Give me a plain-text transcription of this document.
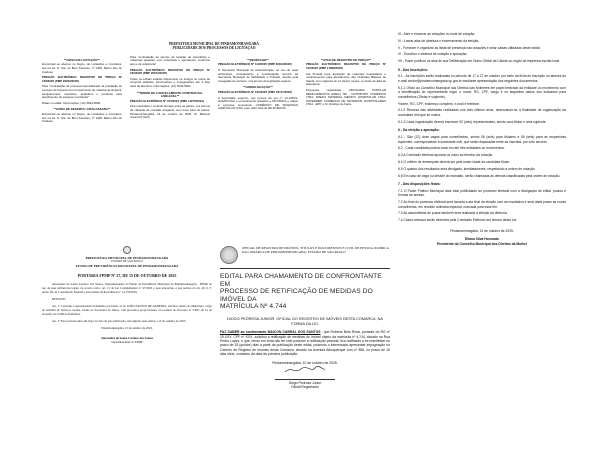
PREFEITURA MUNICIPAL DE PINDAMONHANGABA
PUBLICIDADE DOS PROCESSOS DE LICITAÇÃO
**AVISO DE LICITAÇÃO**

Encontram-se abertos no Depto. de Licitações e Contratos, sito na Av. N. Sra. do Bom Sucesso, nº 1400, Bairro Alto do Cardoso:

PREGÃO ELETRÔNICO REGISTRO DE PREÇO Nº 128/2025 (PMP 22223/2025)

Para "contratação de empresa especializada na prestação de serviços de limpeza com fornecimento de material de limpeza, equipamentos, utensílios, aparelhos e produtos para atendimento de espaços municipais".

Datas no edital. Informações: (12) 3644-5600.

**AVISO DE DESERTA / FRACASSADA**

Encontram-se abertos no Depto. de Licitações e Contratos, sito na Av. N. Sra. do Bom Sucesso, nº 1400, Bairro Alto do Cardoso.

Para "contratação de serviço de locação de caminhões e máquinas pesadas, com motoristas e operadores, conforme termo de referência".

PREGÃO ELETRÔNICO REGISTRO DE PREÇO Nº 160/2025 (PMP 20073/2025)

Todos os editais estarão disponíveis na íntegra no portal de compras públicas. Informações e impugnações até 3 dias úteis da abertura. Informações: (12) 3644-5600.

**TERMO DE CANCELAMENTO CONTRATUAL AMIGÁVEL**

PREGÃO ELETRÔNICO Nº 073/2024 (PMP 11270/2024)

Fica rescindido o contrato firmado entre as partes, nos termos da cláusula de rescisão amigável, sem ônus para as partes. Pindamonhangaba, 14 de outubro de 2025. Sr. Marcelo Jovannini Viotti.

**DESPACHO**

PREGÃO ELETRÔNICO Nº 113/2025 (PMP 20043/2025)

O Secretário Municipal de Administração, no uso de suas atribuições, considerando a manifestação técnica da Secretaria Municipal de Mobilidade e Trânsito, decide pela revogação do certame, nos termos da legislação vigente.

**HOMOLOGAÇÃO**

PREGÃO ELETRÔNICO Nº 125/2025 (PMP 23177/2025)

A Autoridade superior, nos termos da Lei nº 14.133/21, HOMOLOGA o procedimento licitatório e ADJUDICA o objeto à empresa vencedora: COMÉRCIO DE MÁQUINAS AGRÍCOLAS LTDA, pelo valor total de R$ 45.800,00.

**ATAS DE REGISTRO DE PREÇO**

PREGÃO ELETRÔNICO REGISTRO DE PREÇO Nº 102/2025 (PMP 17898/2025)

Ata firmada para aquisição de materiais hospitalares e medicamentos para atendimento das Unidades Básicas de Saúde, com vigência de 12 (doze) meses, a contar da data de assinatura.

Empresas registradas: DROGARIA POPULAR MEDICAMENTOS EIRELI; NP - NUTRIPORT COMÉRCIO LTDA; DIMACI MATERIAL MÉDICO HOSPITALAR LTDA; SUPERMED COMÉRCIO DE MATERIAIS HOSPITALARES LTDA - EPP, e Sr. Rodrigo de Faria.

PREFEITURA MUNICIPAL DE PINDAMONHANGABA
ESTADO DE SÃO PAULO
FUNDO DE PREVIDÊNCIA MUNICIPAL DE PINDAMONHANGABA
PORTARIA FPMP Nº 27, DE 15 DE OUTUBRO DE 2025

Alessandro de Souza Cardoso dos Santos, Superintendente do Fundo de Previdência Municipal de Pindamonhangaba - FPMP, no uso de suas atribuições legais, de acordo com o art. 11 da Lei Complementar nº 47/2022 e suas alterações, e nos termos do art. 40, § 1º, inciso III, da Constituição Federal e das normas da Previdência nº 14.133/2025.

RESOLVE:

Art. 1º Conceder a Aposentadoria Voluntária por Idade, ao Sr. JOÃO SANTOS DE ALMEIDA, servidor efetivo do Município, cargo de Auxiliar de Serviços Gerais, lotado na Secretaria de Obras, com proventos proporcionais, nos termos do Processo nº 5.667, de 12 de fevereiro de 2.006 da Prefeitura.

Art. 2º Esta portaria entra em vigor na data de sua publicação, retroagindo seus efeitos a 15 de outubro de 2025.

Pindamonhangaba, 15 de outubro de 2025.

Alessandro de Souza Cardoso dos Santos
Superintendente do FPMP
OFICIAL DE REGISTRO DE IMÓVEIS, TÍTULOS E DOCUMENTOS E CIVIL DE PESSOA JURÍDICA DA COMARCA DE PINDAMONHANGABA, ESTADO DE SÃO PAULO
EDITAL PARA CHAMAMENTO DE CONFRONTANTE EM
PROCESSO DE RETIFICAÇÃO DE MEDIDAS DO IMÓVEL DA
MATRÍCULA Nº 4.744
DIOGO PEDROSA JUNIOR, OFICIAL DO REGISTRO DE IMÓVEIS DESTA COMARCA, NA FORMA DA LEI,
FAZ SABER ao confrontante MAICON CABRAL DOS SANTOS , que Roberto Brito Rosa, portador do RG nº 15.XXX, CPF nº XXX, solicitou a retificação de medidas do imóvel objeto da matrícula nº 4.744, situado na Rua Pedro Lopes, e que, tendo em vista não ter sido possível a notificação pessoal, fica notificado a se manifestar no prazo de 15 (quinze) dias a partir da publicação deste edital, podendo o interessado apresentar impugnação no Cartório de Registro de Imóveis desta Comarca, situado na Avenida Albuquerque Lins nº 858, no prazo de 15 dias úteis, contados da data da primeira publicação.
Pindamonhangaba, 10 de outubro de 2025.
Diogo Pedrosa Junior
Oficial Registrador

III - Abrir e encerrar as votações no local de votação;

IV - Lavrar atas de abertura e encerramento da eleição;

V - Fornecer e organizar as listas de presença nas votações e selar caixas utilizadas deste edital;

VI - Escolher o sistema de votação e apuração;

VII - Fazer publicar os atos de sua Deliberação em Diário Oficial da Cidade ou órgão da imprensa escrita local.

5 - Das Inscrições:

5.1 - As inscrições serão realizadas no período de 17 a 27 de outubro por meio da ficha de inscrição ou através do e-mail cmdm@pindamonhangaba.sp.gov.br mediante apresentação dos seguintes documentos:

5.1.1 Ofício ao Conselho Municipal dos Direitos das Mulheres em papel timbrado da entidade ou movimento com a identificação do representante legal, o nome, RG, CPF, cargo e os seguintes dados dos indicados para conselheiros (Titular e suplente).

*Nome, RG, CPF, endereço completo, e-mail e telefone.

5.1.2 Recurso das atividades realizadas nos dois últimos anos, observando-se a finalidade da organização da sociedade civil que se indica.

5.1.3 Cada organização deverá inscrever 02 (dois) representantes, sendo uma titular e uma suplente.

6 - Da eleição e apuração:

6.1 - São (12) doze vagas para conselheiras, sendo 06 (seis) para titulares e 06 (seis) para as respectivas suplentes, correspondente à sociedade civil, que serão disputadas entre as inscritas, por voto secreto.

6.2 - Cada candidata poderá votar em até três entidades ou movimentos.

6.3 A Comissão eleitoral apurará os votos ao término da votação.

6.4 O critério de desempate deverá ser pela maior idade da candidata titular.

6.5 O quadro dos resultados será divulgado, imediatamente, respeitando a ordem de votação.

6.6 Em caso de vaga ou desistir do mandato, serão chamadas as demais classificadas pela ordem de votação.

7 - Das disposições finais:

7.1 O Poder Público Municipal dará total publicidade ao processo eleitoral com a divulgação de edital, prazos e formas de acesso.

7.2 Ao final do processo eleitoral será lavrada a ata final da eleição com as resultados e será dada posse às novas conselheiras, em reunião ordinária especial, marcada para esse fim.

7.3 As assembleias de posse também será realizada a eleição da diretoria.

7.4 Casos omissos serão dirimidos pela Comissão Eleitoral nos termos desta Lei.

Pindamonhangaba, 14 de outubro de 2025.
Eliana Silva Honorato
Presidente do Conselho Municipal dos Direitos da Mulher
